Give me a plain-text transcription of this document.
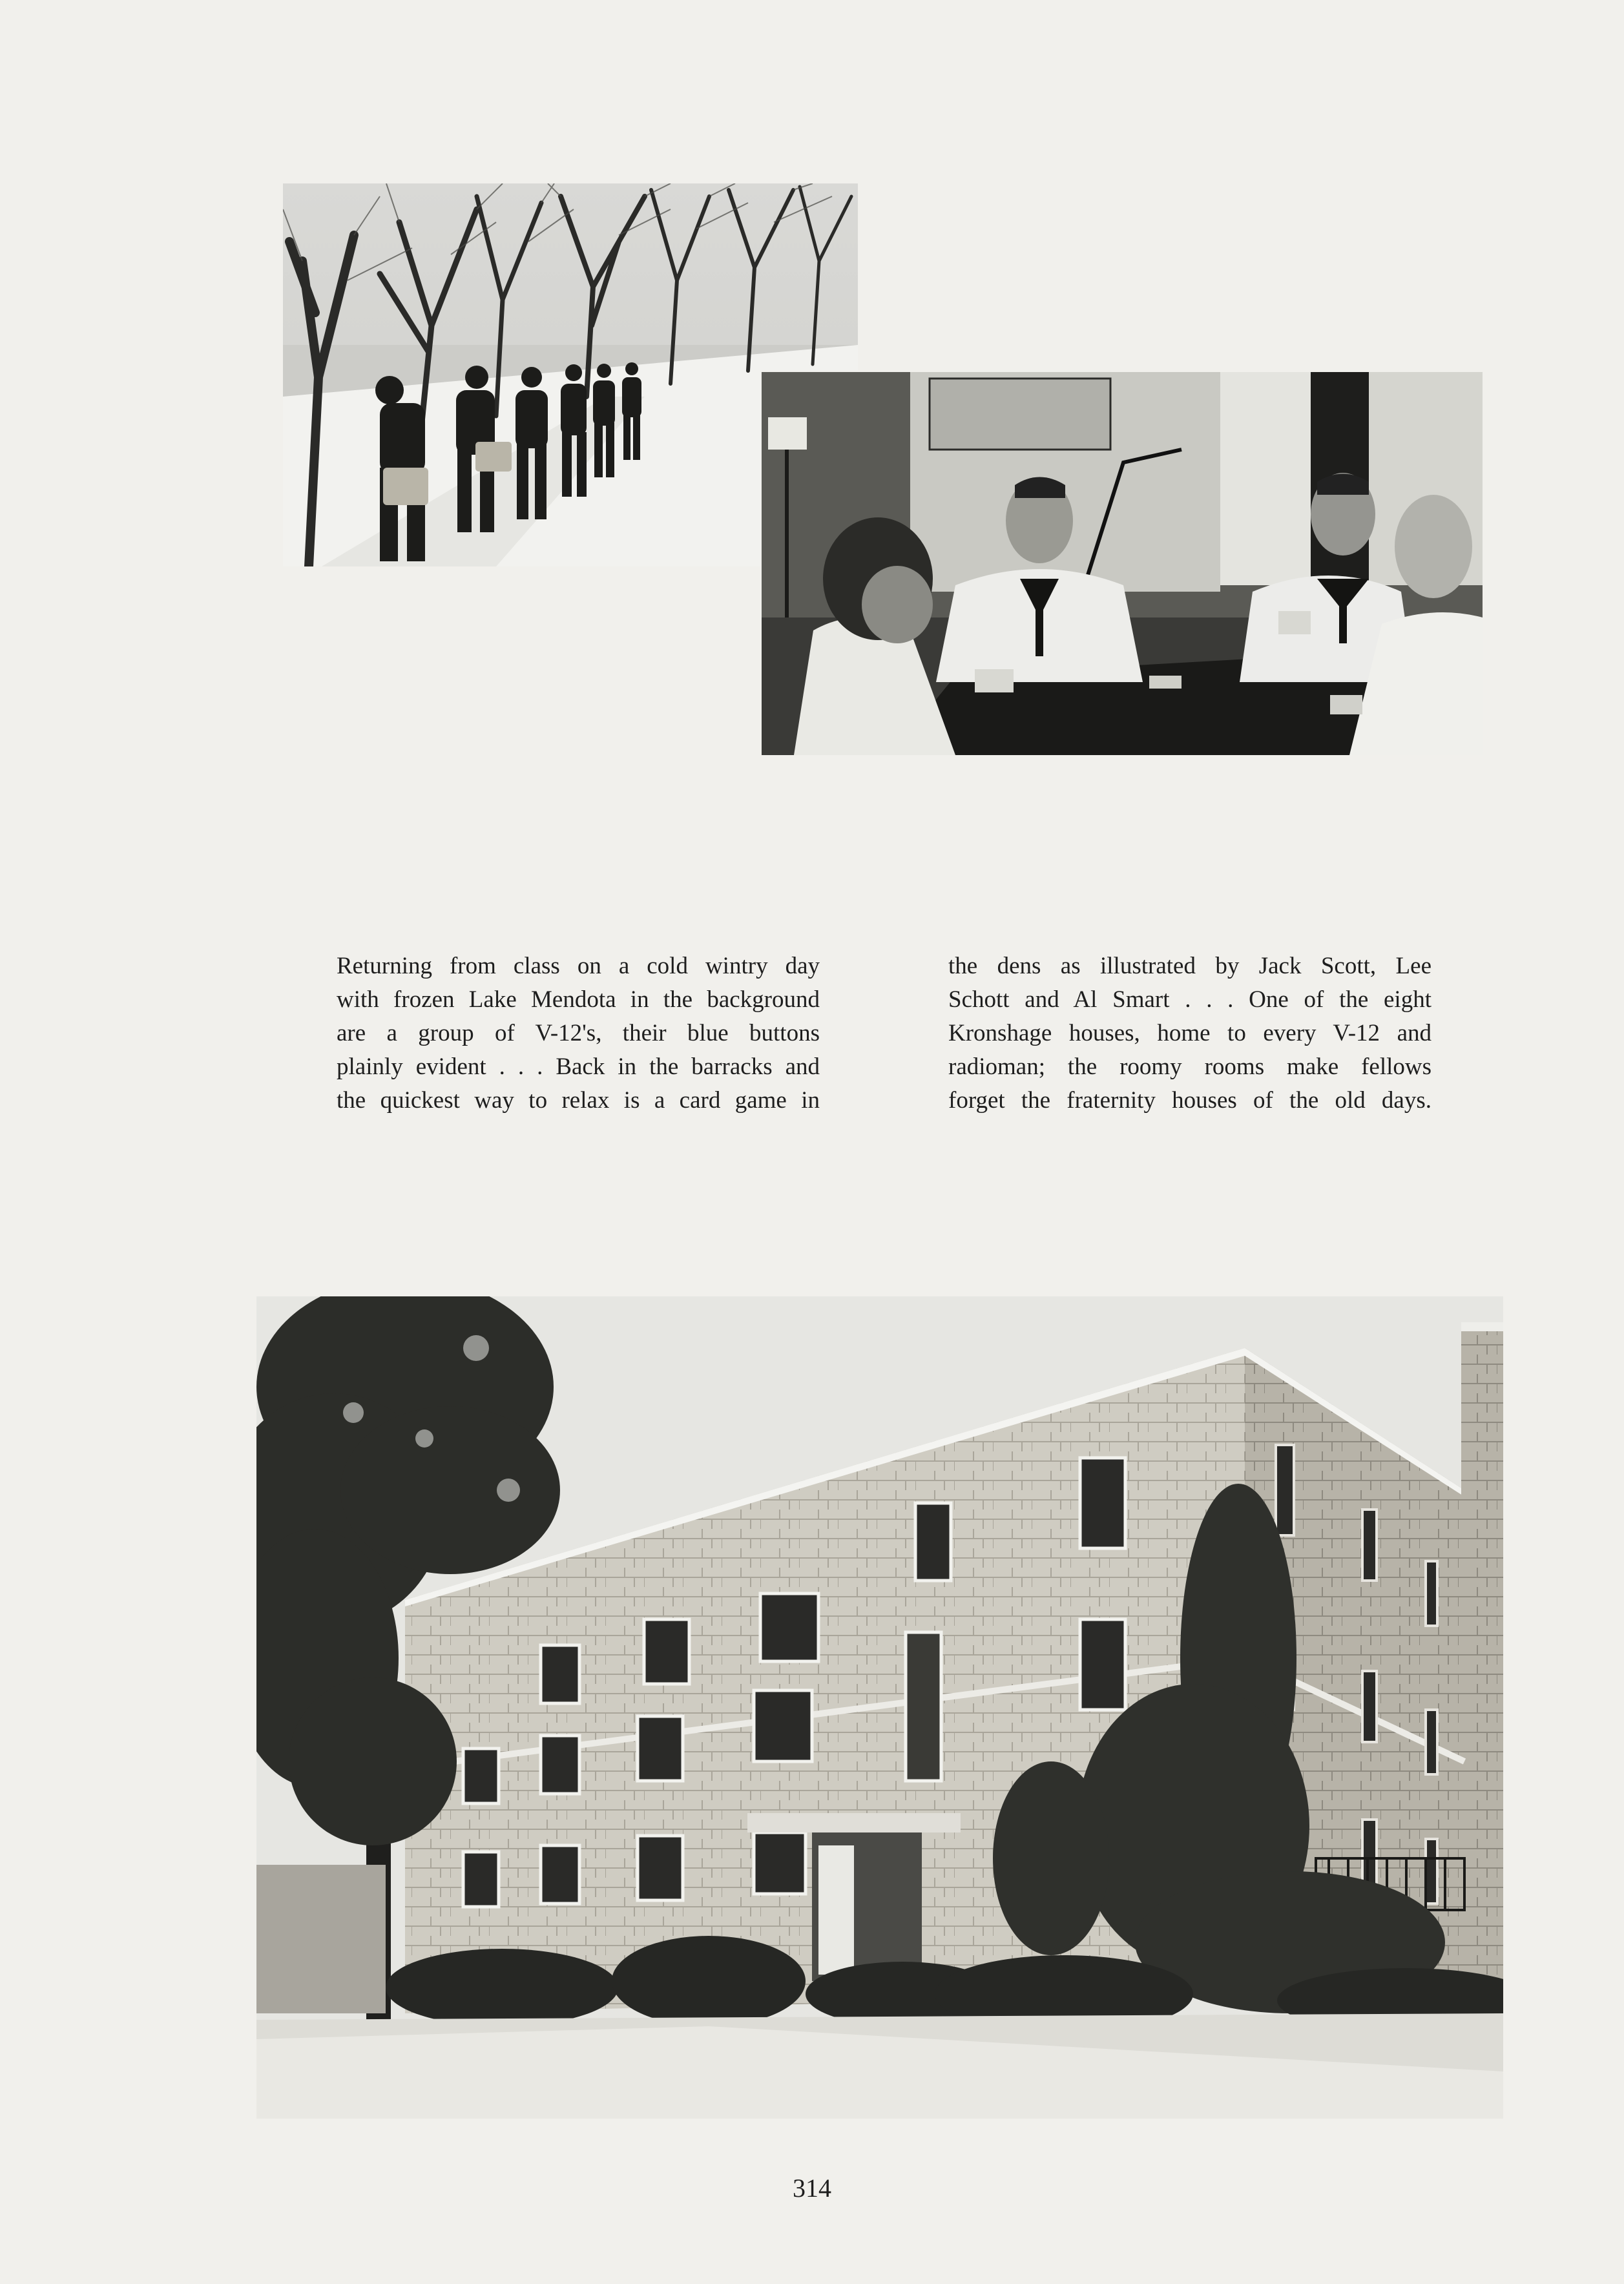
Returning from class on a cold wintry day
with frozen Lake Mendota in the background
are a group of V-12's, their blue buttons
plainly evident . . . Back in the barracks and
the quickest way to relax is a card game in
the dens as illustrated by Jack Scott, Lee
Schott and Al Smart . . . One of the eight
Kronshage houses, home to every V-12 and
radioman; the roomy rooms make fellows
forget the fraternity houses of the old days.
314
